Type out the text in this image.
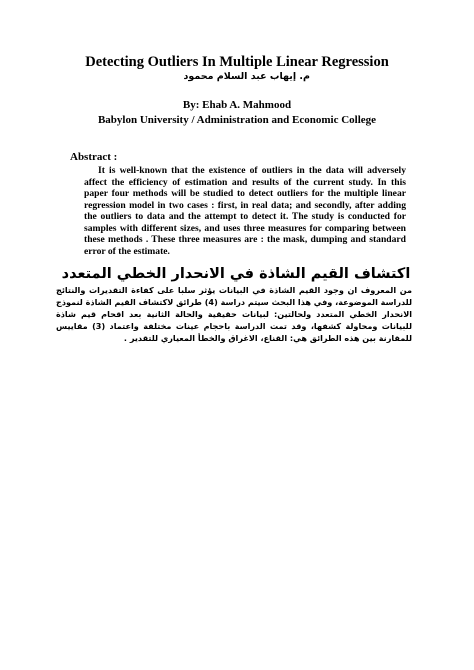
Detecting Outliers In Multiple Linear Regression
م. إيهاب عبد السلام محمود
By: Ehab A. Mahmood
Babylon University / Administration and Economic College
Abstract :
It is well-known that the existence of outliers in the data will adversely affect the efficiency of estimation and results of the current study. In this paper four methods will be studied to detect outliers for the multiple linear regression model in two cases : first, in real data; and secondly, after adding the outliers to data and the attempt to detect it. The study is conducted for samples with different sizes, and uses three measures for comparing between these methods . These three measures are : the mask, dumping and standard error of the estimate.
اكتشاف القيم الشاذة في الانحدار الخطي المتعدد
من المعروف ان وجود القيم الشاذة في البيانات يؤثر سلبا على كفاءة التقديرات والنتائج للدراسة الموضوعة، وفي هذا البحث سيتم دراسة (4) طرائق لاكتشاف القيم الشاذة لنموذج الانحدار الخطي المتعدد ولحالتين: لبيانات حقيقية والحالة الثانية بعد اقحام قيم شاذة للبيانات ومحاولة كشفها، وقد تمت الدراسة باحجام عينات مختلفة واعتماد (3) مقاييس للمقارنة بين هذه الطرائق هي: القناع، الاغراق والخطأ المعياري للتقدير .
